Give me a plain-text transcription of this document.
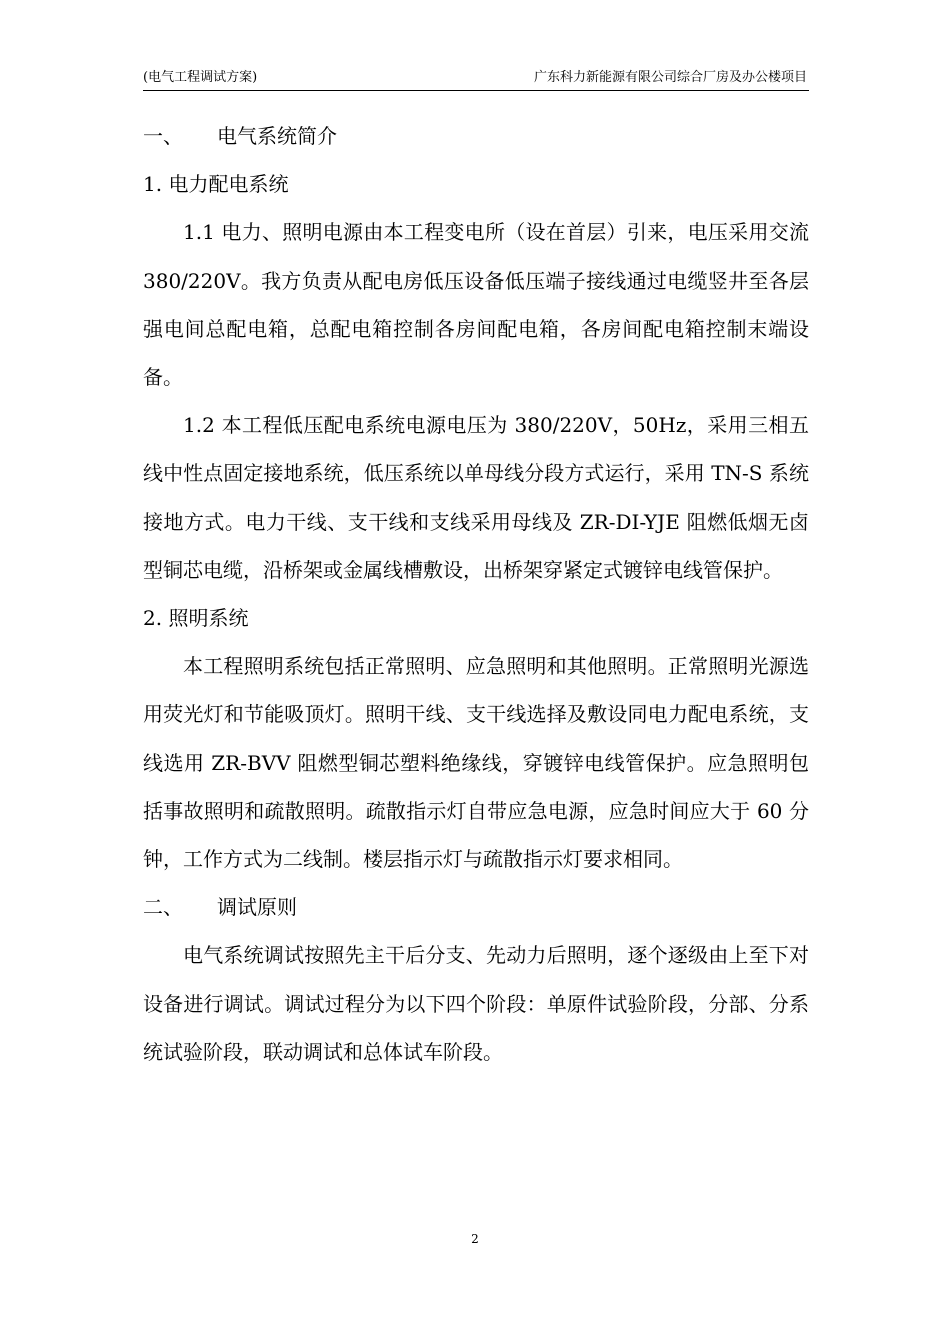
(电气工程调试方案)	广东科力新能源有限公司综合厂房及办公楼项目

一、 电气系统简介

1. 电力配电系统

1.1 电力、照明电源由本工程变电所（设在首层）引来，电压采用交流 380/220V。我方负责从配电房低压设备低压端子接线通过电缆竖井至各层强电间总配电箱，总配电箱控制各房间配电箱，各房间配电箱控制末端设备。

1.2 本工程低压配电系统电源电压为 380/220V，50Hz，采用三相五线中性点固定接地系统，低压系统以单母线分段方式运行，采用 TN-S 系统接地方式。电力干线、支干线和支线采用母线及 ZR-DI-YJE 阻燃低烟无卤型铜芯电缆，沿桥架或金属线槽敷设，出桥架穿紧定式镀锌电线管保护。

2. 照明系统

本工程照明系统包括正常照明、应急照明和其他照明。正常照明光源选用荧光灯和节能吸顶灯。照明干线、支干线选择及敷设同电力配电系统，支线选用 ZR-BVV 阻燃型铜芯塑料绝缘线，穿镀锌电线管保护。应急照明包括事故照明和疏散照明。疏散指示灯自带应急电源，应急时间应大于 60 分钟，工作方式为二线制。楼层指示灯与疏散指示灯要求相同。

二、 调试原则

电气系统调试按照先主干后分支、先动力后照明，逐个逐级由上至下对设备进行调试。调试过程分为以下四个阶段：单原件试验阶段，分部、分系统试验阶段，联动调试和总体试车阶段。

2
